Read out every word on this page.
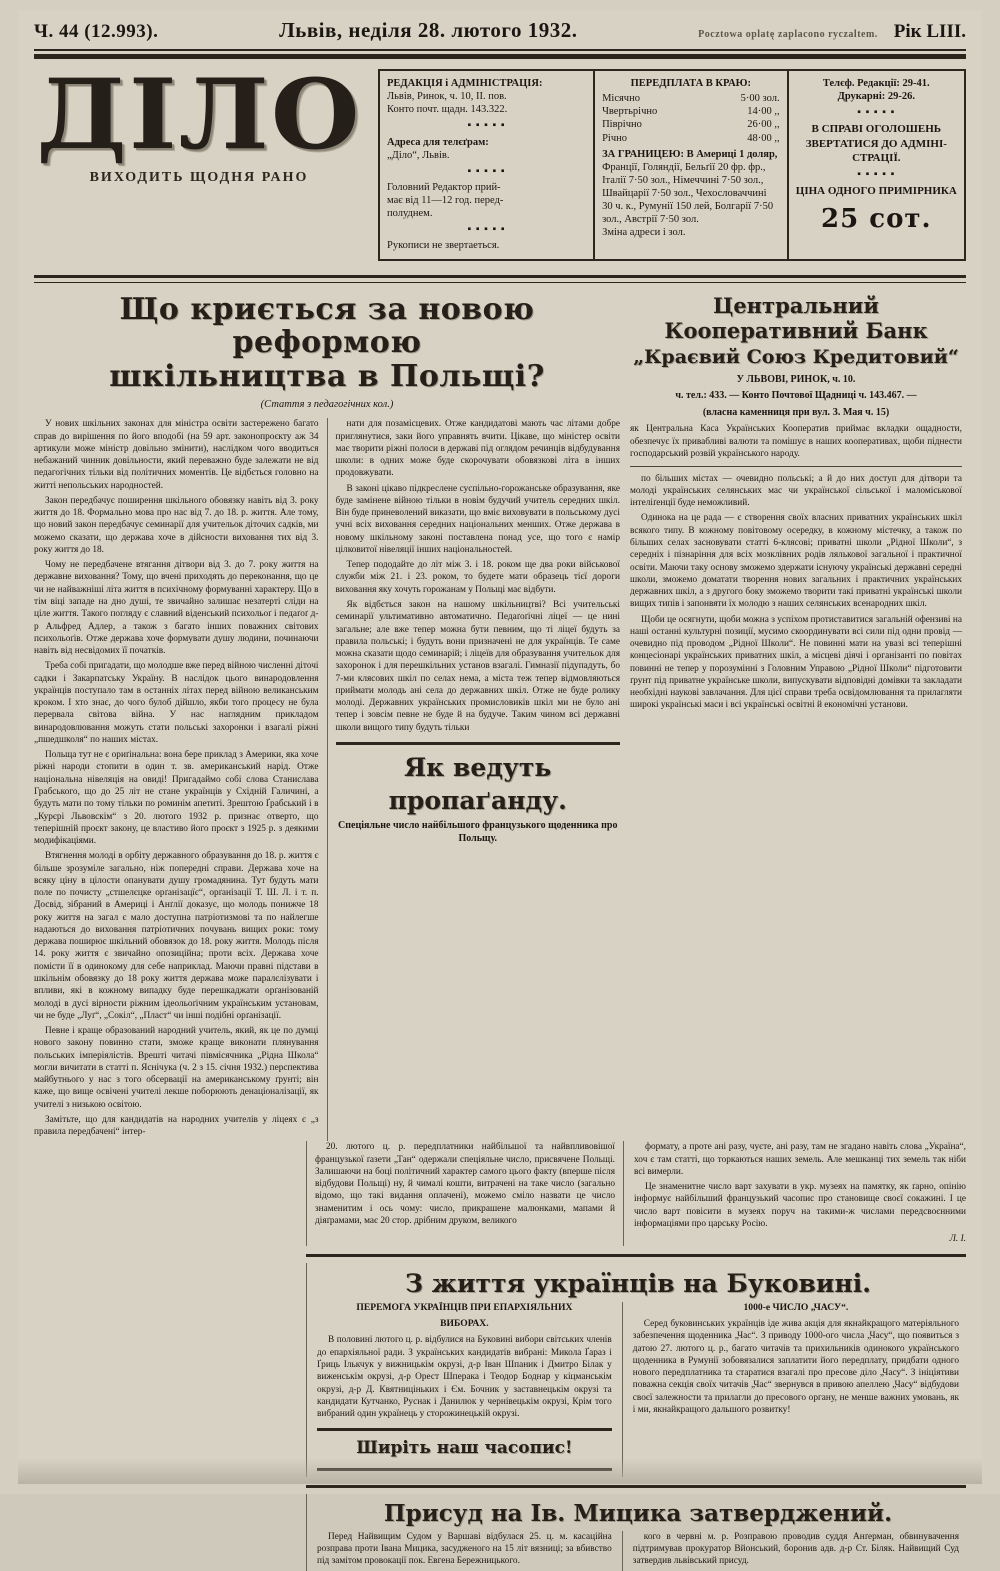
Ч. 44 (12.993).	Львів, неділя 28. лютого 1932.	Pocztowa oplatę zaplacono ryczaltem. Рік LIII.
ДІЛО
ВИХОДИТЬ ЩОДНЯ РАНО
РЕДАКЦІЯ і АДМІНІСТРАЦІЯ:
Львів, Ринок, ч. 10, II. пов.
Конто почт. щадн. 143.322.
▪ ▪ ▪ ▪ ▪
Адреса для телєґрам:
„Діло“, Львів.
▪ ▪ ▪ ▪ ▪
Головний Редактор прий-
має від 11—12 год. перед-
полуднем.
▪ ▪ ▪ ▪ ▪
Рукописи не звертаеться.
ПЕРЕДПЛАТА В КРАЮ:
Місячно	5·00 зол.
Чвертьрічно	14·00 ,,
Піврічно	26·00 ,,
Річно	48·00 ,,
ЗА ГРАНИЦЕЮ: В Америці 1 доляр,
Франції, Голяндії, Бельґії 20 фр. фр., Італії 7·50 зол., Німеччині 7·50 зол., Швайцарії 7·50 зол., Чехословаччині 30 ч. к., Румунії 150 лей, Болгарії 7·50 зол., Австрії 7·50 зол.
Зміна адреси і зол.
Телєф. Редакції: 29-41.
Друкарні: 29-26.
▪ ▪ ▪ ▪ ▪
В СПРАВІ ОГОЛОШЕНЬ
ЗВЕРТАТИСЯ ДО АДМІНІ-
СТРАЦІЇ.
▪ ▪ ▪ ▪ ▪
ЦІНА ОДНОГО ПРИМІРНИКА
25 сот.
Що криється за новою реформою
шкільництва в Польщі?
(Стаття з педагогічних кол.)

У нових шкільних законах для міністра освіти застережено багато справ до вирішення по його вподобі (на 59 арт. законопроєкту аж 34 артикули може міністр довільно змінити), наслідком чого вводиться небажаний чинник довільности, який переважно буде залежати не від педагогічних тільки від політичних моментів. Це відбється головно на житті непольських народностей.

Закон передбачує поширення шкільного обовязку навіть від 3. року життя до 18. Формально мова про нас від 7. до 18. р. життя. Але тому, що новий закон передбачує семинарії для учительок діточих садків, ми можемо сказати, що держава хоче в дійсности виховання тих від 3. року життя до 18.

Чому не передбачене втягання дітвори від 3. до 7. року життя на державне виховання? Тому, що вчені приходять до переконання, що це чи не найважніші літа життя в психічному формуванні характеру. Що в тім віці западе на дно душі, те звичайно залишає незатерті сліди на ціле життя. Такого погляду є славний віденський психольоґ і педаґоґ д-р Альфред Адлер, а також з багато інших поважних світових психольоґів. Отже держава хоче формувати душу людини, починаючи навіть від несвідомих її початків.

Треба собі пригадати, що молодше вже перед війною численні діточі садки і Закарпатську Україну. В наслідок цього винародовлення українців поступало там в останніх літах перед війною великанським кроком. І хто знає, до чого булоб дійшло, якби того процесу не була перервала світова війна. У нас наглядним прикладом винародовлювання можуть стати польські захоронки і взагалі ріжні „пшедшколя“ по наших містах.

Польща тут не є ориґінальна: вона бере приклад з Америки, яка хоче ріжні народи стопити в один т. зв. американський нарід. Отже національна нівеляція на овиді! Пригадаймо собі слова Станислава Грабського, що до 25 літ не стане українців у Східній Галичині, а будуть мати по тому тільки по роминім апетиті. Зрештою Ґрабський і в „Курєрі Львовскім“ з 20. лютого 1932 р. признає отверто, що теперішній проєкт закону, це властиво його проєкт з 1925 р. з деякими модифікаціями.

Втягнення молоді в орбіту державного образування до 18. р. життя є більше зрозуміле загально, ніж попередні справи. Держава хоче на всяку ціну в цілости опанувати душу громадянина. Тут будуть мати поле по почисту „стшелєцке орґанізацїє“, орґанізації Т. Ш. Л. і т. п. Досвід, зібраний в Америці і Анґлії доказує, що молодь понижче 18 року життя на загал є мало доступна патріотизмові та по найлегше надаються до виховання патріотичних почувань вищих роки: тому держава поширює шкільний обовязок до 18. року життя. Молодь після 14. року життя є звичайно опозиційна; проти всіх. Держава хоче помісти її в одинокому для себе наприклад. Маючи правні підстави в шкільнім обовязку до 18 року життя держава може паралєлізувати і впливи, які в кожному випадку буде перешкаджати орґанізованій молоді в дусі вірности ріжним ідеольоґічним українським установам, чи не буде „Луґ“, „Сокіл“, „Пласт“ чи інші подібні орґанізації.

Певне і краще образований народний учитель, який, як це по думці нового закону повинно стати, зможе краще виконати плянування польських імперіялістів. Врешті читачі півмісячника „Рідна Школа“ могли вичитати в статті п. Яснічука (ч. 2 з 15. січня 1932.) перспектива майбутнього у нас з того обсервації на американському ґрунті; він каже, що вище освічені учителі лекше поборюють денаціоналізації, як учителі з низькою освітою.

Замітьте, що для кандидатів на народних учителів у ліцеях є „з правила передбачені“ інтер-

нати для позамісцевих. Отже кандидатові мають час літами добре приглянутися, заки його управнять вчити. Цікаве, що міністер освіти має творити ріжні полоси в державі під оглядом речинців відбудування школи: в одних може буде скорочувати обовязкові літа в інших продовжувати.

В законі цікаво підкреслене суспільно-горожанське образування, яке буде замінене війною тільки в новім будучий учитель середних шкіл. Він буде приневолений виказати, що вміє виховувати в польському дусі учні всіх виховання середних національних менших. Отже держава в новому шкільному законі поставлена понад усе, що того є намір цілковитої нівеляції інших національностей.

Тепер пододайте до літ між 3. і 18. роком ще два роки військової служби між 21. і 23. роком, то будете мати образець тієї дороги виховання яку хочуть горожанам у Польщі має відбути.

Як відбється закон на нашому шкільництві? Всі учительські семинарії ультимативно автоматично. Педаґоґічні ліцеї — це нині загальне; але вже тепер можна бути певним, що ті ліцеї будуть за правила польські; і будуть вони призначені не для українців. Те саме можна сказати щодо семинарій; і ліцеїв для образування учительок для захоронок і для перешкільних установ взагалі. Гимназії підупадуть, бо 7-ми клясових шкіл по селах нема, а міста теж тепер відмовляються приймати молодь ані села до державних шкіл. Отже не буде ролику молоді. Державних українських промисловиків шкіл ми не було ані тепер і зовсім певне не буде й на будуче. Таким чином всі державні школи вищого типу будуть тільки

Як ведуть пропаґанду.
Спеціяльне число найбільшого французького щоденника про Польщу.
Центральний Кооперативний Банк
„Краєвий Союз Кредитовий“
У ЛЬВОВІ, РИНОК, ч. 10.
ч. тел.: 433. — Конто Почтової Щадниці ч. 143.467. —
(власна каменниця при вул. З. Мая ч. 15)
як Центральна Каса Українських Кооператив приймає вкладки ощадности, обезпечує їх привабливі валюти та помішує в наших кооперативах, щоби піднести господарський розвій українського народу.

по більших містах — очевидно польські; а й до них доступ для дітвори та молоді українських селянських мас чи української сільської і маломіськової інтеліґенції буде неможливий.

Одинока на це рада — є створення своїх власних приватних українських шкіл всякого типу. В кожному повітовому осередку, в кожному містечку, а також по більших селах засновувати статті 6-клясові; приватні школи „Рідної Школи“, з середніх і пізнаріння для всіх мозклівних родів лялькової загальної і практичної освіти. Маючи таку основу зможемо здержати існуючу українські державні середні школи, зможемо доматати творення нових загальних і практичних українських державних шкіл, а з другого боку зможемо творити такі приватні українські школи вищих типів і запонвяти їх молодю з наших селянських всенародних шкіл.

Щоби це осягнути, щоби можна з успіхом протиставитися загальній офензиві на наші останні культурні позиції, мусимо скоординувати всі сили під одни провід — очевидно під проводом „Рідної Школи“. Не повинні мати на увазі всі теперішні концесіонарі українських приватних шкіл, а місцеві діячі і організанті по повітах повинні не тепер у порозумінні з Головним Управою „Рідної Школи“ підготовити ґрунт під приватне українське школи, випускувати відповідні домівки та закладати необхідні наукові завлачання. Для цієї справи треба освідомлювання та прилагляти широкі українські маси і всі українські освітні й економічні установи.

20. лютого ц. р. передплатники найбільшої та найвпливовішої французької ґазети „Тан“ одержали спеціяльне число, присвячене Польщі. Залишаючи на боці політичний характер самого цього факту (вперше після відбудови Польщі) ну, й чималі кошти, витрачені на таке число (загально відомо, що такі видання оплачені), можемо сміло назвати це число знаменитим і ось чому: число, прикрашене малюнками, мапами й діяґрамами, має 20 стор. дрібним друком, великого

формату, а проте ані разу, чуєте, ані разу, там не згадано навіть слова „Україна“, хоч є там статті, що торкаються наших земель. Але мешканці тих земель так ніби всі вимерли.

Це знаменитне число варт захувати в укр. музеях на памятку, як ґарно, опінію інформує найбільший французький часопис про становище своєї сокажині. І це число варт повісити в музеях поруч на такими-ж числами передсвоєнними інформаціями про царську Росію.

Л. І.
З життя українців на Буковині.
ПЕРЕМОГА УКРАЇНЦІВ ПРИ ЕПАРХІЯЛЬНИХ
ВИБОРАХ.

В половині лютого ц. р. відбулися на Буковині вибори світських членів до епархіяльної ради. З українських кандидатів вибрані: Микола Ґараз і Ґриць Ількчук у вижницькім окрузі, д-р Іван Шпаник і Дмитро Білак у виженськім окрузі, д-р Орест Шперака і Теодор Боднар у кіцманськім окрузі, д-р Д. Квятниціньких і Єм. Бочник у заставнецькім окрузі та кандидати Кутчанко, Руснак і Данилюк у чернівецькім окрузі, Крім того вибраний один українець у сторожинецькій окрузі.

Ширіть наш часопис!
1000-е ЧИСЛО „ЧАСУ“.

Серед буковинських українців іде жива акція для якнайкращого матеріяльного забезпечення щоденника „Час“. З приводу 1000-ого числа „Часу“, що появиться з датою 27. лютого ц. р., багато читачів та прихильників одинокого українського щоденника в Румунії зобовязалися заплатити його передплату, придбати одного нового передплатника та старатися взагалі про пресове діло „Часу“. З ініціятиви поважна секція своїх читачів „Час“ звернувся в привою апеллею „Часу“ відбудови своєї залежности та прилагли до пресового органу, не менше важних умовань, як і ми, якнайкращого дальшого розвитку!

Присуд на Ів. Мицика затверджений.

Перед Найвищим Судом у Варшаві відбулася 25. ц. м. касаційна розправа проти Івана Мицика, засудженого на 15 літ вязниці; за вбивство під замітом провокації пок. Евгена Бережницького.

кого в червні м. р. Розправою проводив суддя Анґерман, обвинувачення підтримував прокуратор Вйонський, боронив адв. д-р Ст. Біляк. Найвищий Суд затвердив львівський присуд.
